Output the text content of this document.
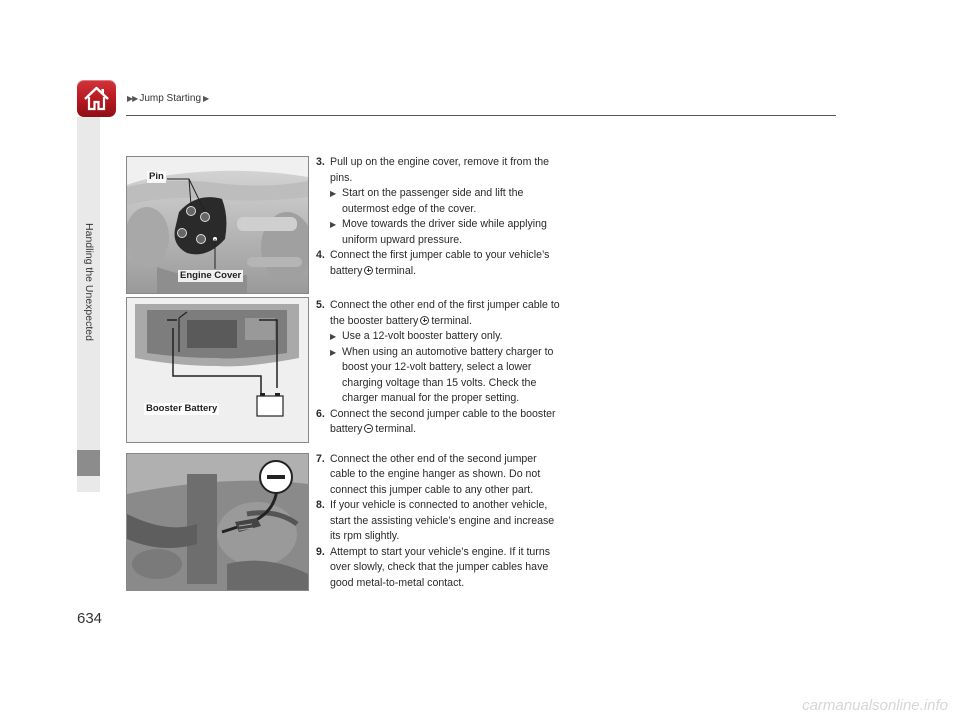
▶▶ Jump Starting ▶
Handling the Unexpected
Pin
Engine Cover
Booster Battery
3. Pull up on the engine cover, remove it from the pins.
▶ Start on the passenger side and lift the outermost edge of the cover.
▶ Move towards the driver side while applying uniform upward pressure.
4. Connect the first jumper cable to your vehicle’s battery terminal.
5. Connect the other end of the first jumper cable to the booster battery terminal.
▶ Use a 12-volt booster battery only.
▶ When using an automotive battery charger to boost your 12-volt battery, select a lower charging voltage than 15 volts. Check the charger manual for the proper setting.
6. Connect the second jumper cable to the booster battery terminal.
7. Connect the other end of the second jumper cable to the engine hanger as shown. Do not connect this jumper cable to any other part.
8. If your vehicle is connected to another vehicle, start the assisting vehicle’s engine and increase its rpm slightly.
9. Attempt to start your vehicle’s engine. If it turns over slowly, check that the jumper cables have good metal-to-metal contact.
634
carmanualsonline.info
